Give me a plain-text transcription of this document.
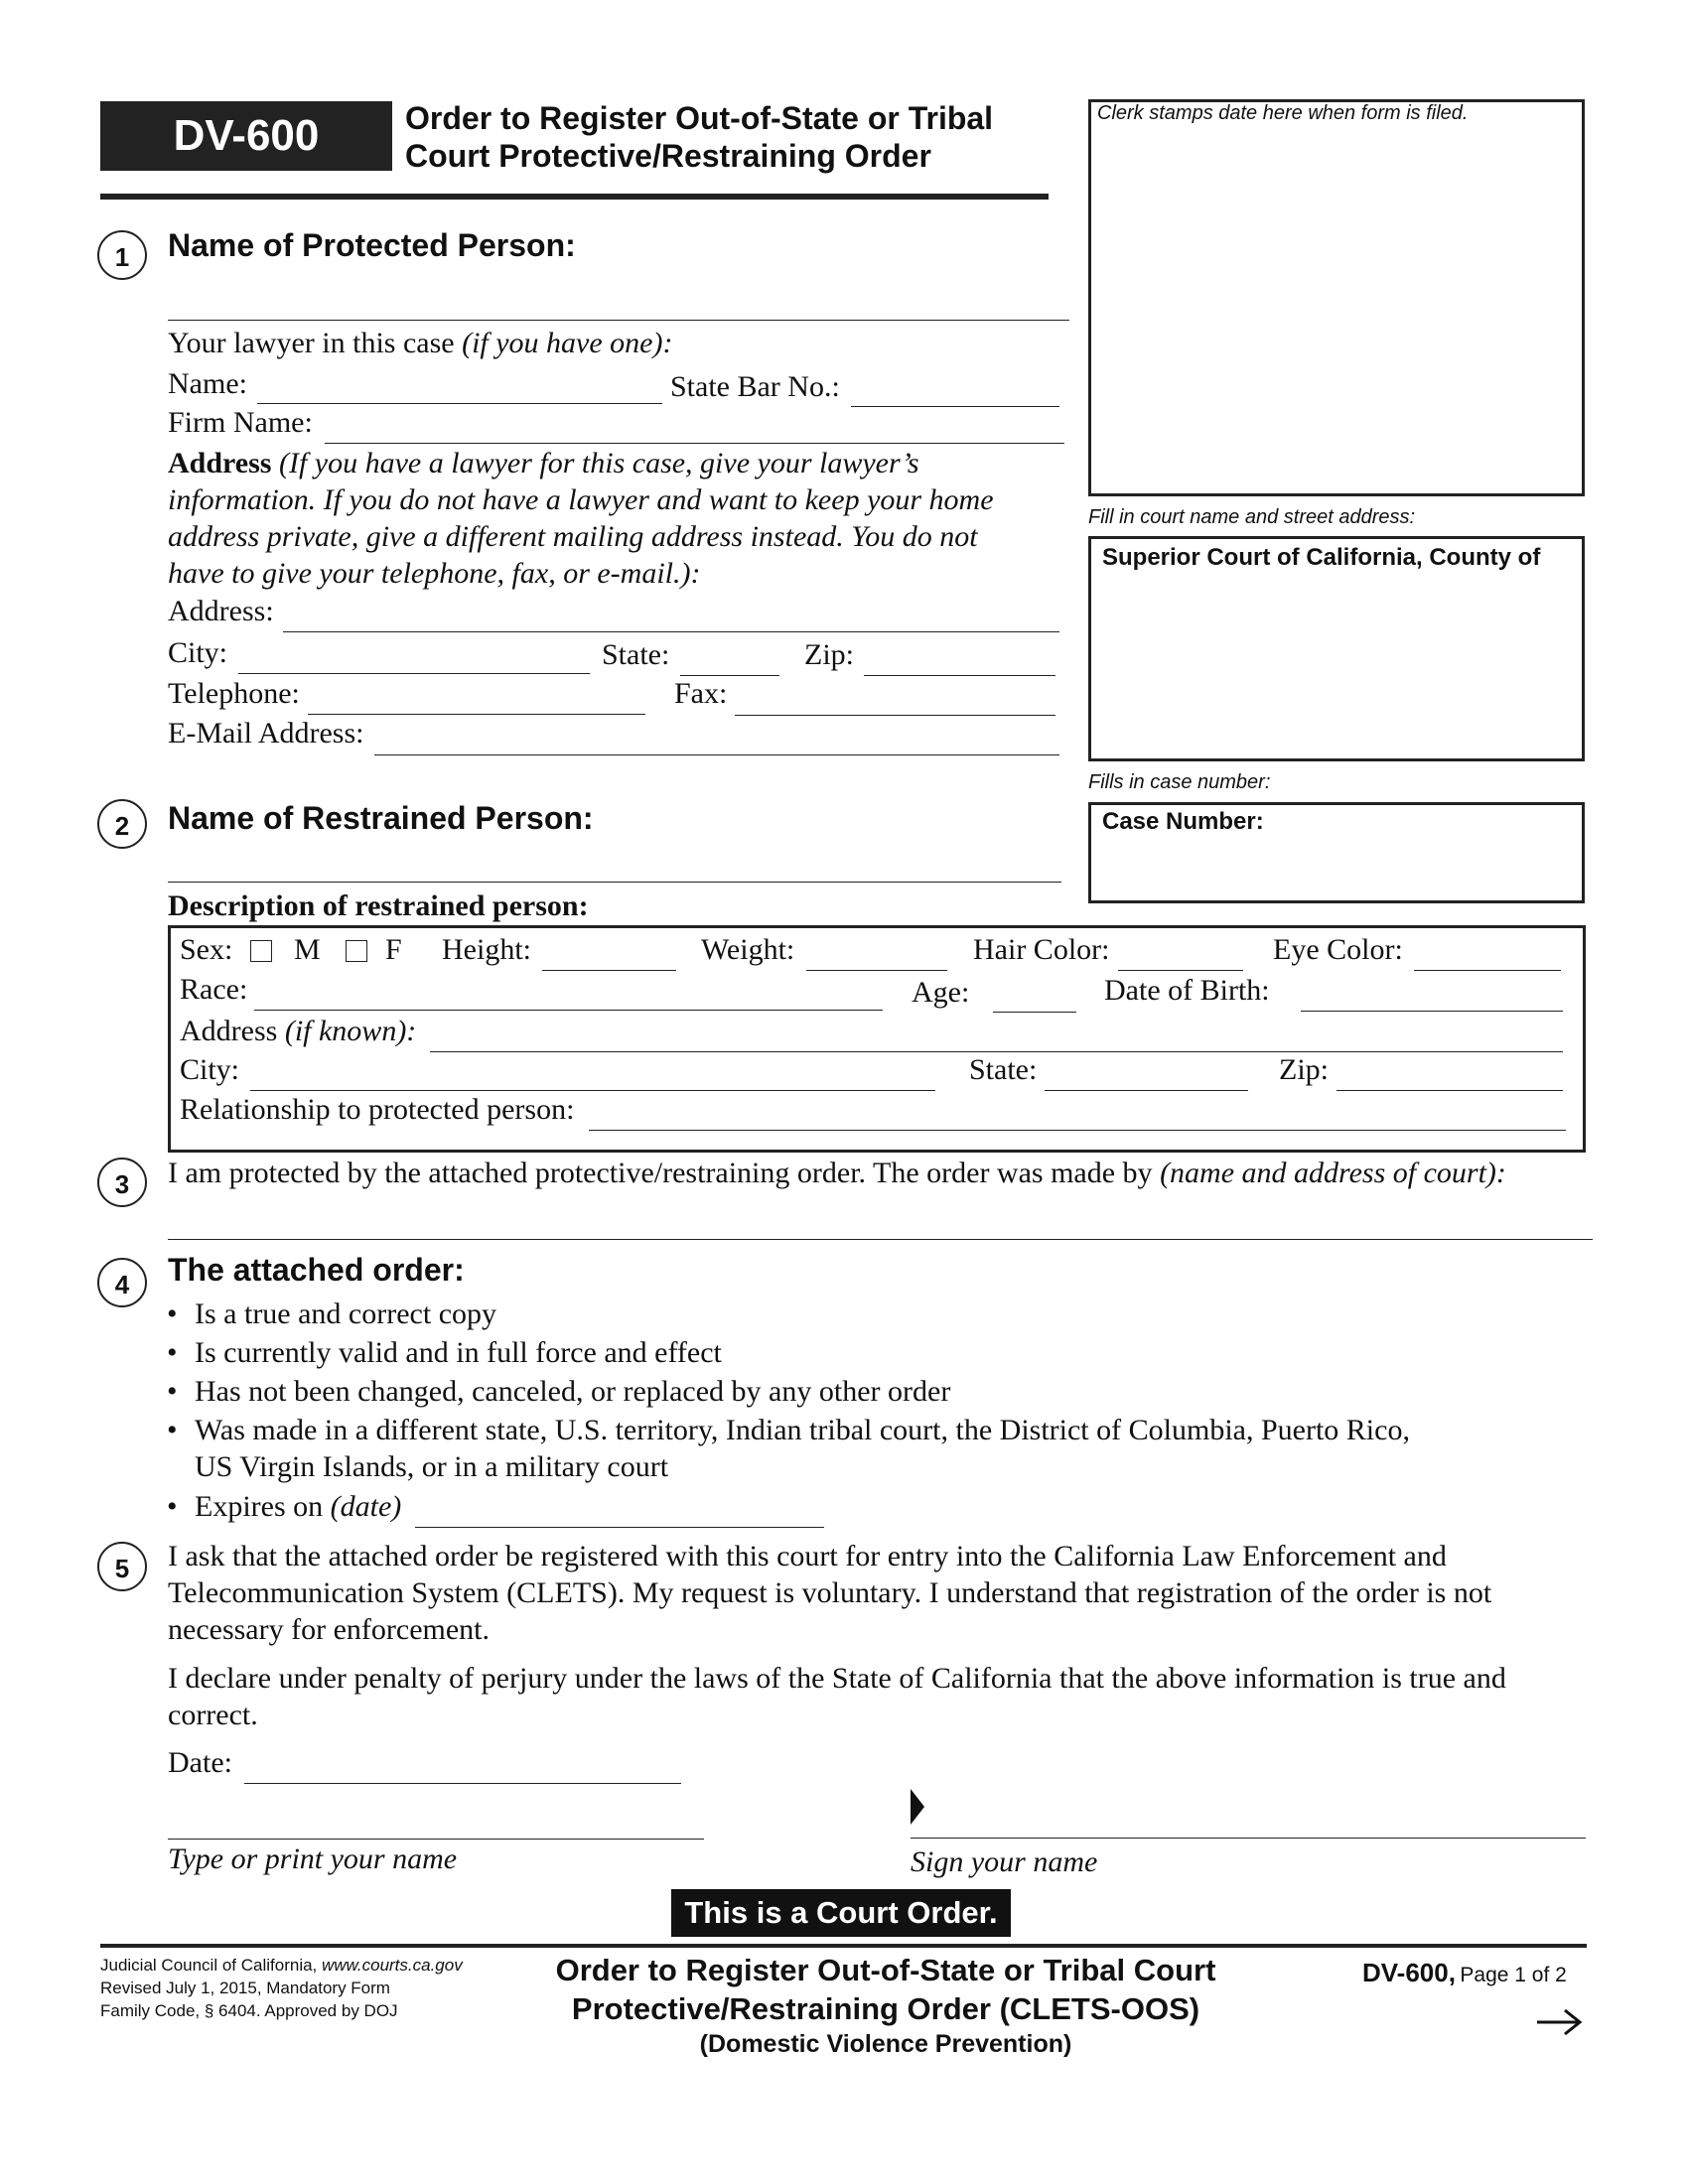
DV-600	Order to Register Out-of-State or Tribal
Court Protective/Restraining Order
Clerk stamps date here when form is filed.
Fill in court name and street address:
Superior Court of California, County of
Fills in case number:
Case Number:
1	Name of Protected Person:
Your lawyer in this case (if you have one):
Name:	State Bar No.:
Firm Name:
Address (If you have a lawyer for this case, give your lawyer’s
information. If you do not have a lawyer and want to keep your home
address private, give a different mailing address instead. You do not
have to give your telephone, fax, or e-mail.):
Address:
City:	State:	Zip:
Telephone:	Fax:
E-Mail Address:
2	Name of Restrained Person:
Description of restrained person:
Sex: M F Height:	Weight:	Hair Color:	Eye Color:
Race:	Age:	Date of Birth:
Address (if known):
City:	State:	Zip:
Relationship to protected person:
3	I am protected by the attached protective/restraining order. The order was made by (name and address of court):
4	The attached order:
• Is a true and correct copy
• Is currently valid and in full force and effect
• Has not been changed, canceled, or replaced by any other order
• Was made in a different state, U.S. territory, Indian tribal court, the District of Columbia, Puerto Rico,
US Virgin Islands, or in a military court
• Expires on (date)
5	I ask that the attached order be registered with this court for entry into the California Law Enforcement and
Telecommunication System (CLETS). My request is voluntary. I understand that registration of the order is not
necessary for enforcement.
I declare under penalty of perjury under the laws of the State of California that the above information is true and
correct.
Date:
Type or print your name	Sign your name
This is a Court Order.
Judicial Council of California, www.courts.ca.gov
Revised July 1, 2015, Mandatory Form
Family Code, § 6404. Approved by DOJ
Order to Register Out-of-State or Tribal Court
Protective/Restraining Order (CLETS-OOS)
(Domestic Violence Prevention)
DV-600, Page 1 of 2
